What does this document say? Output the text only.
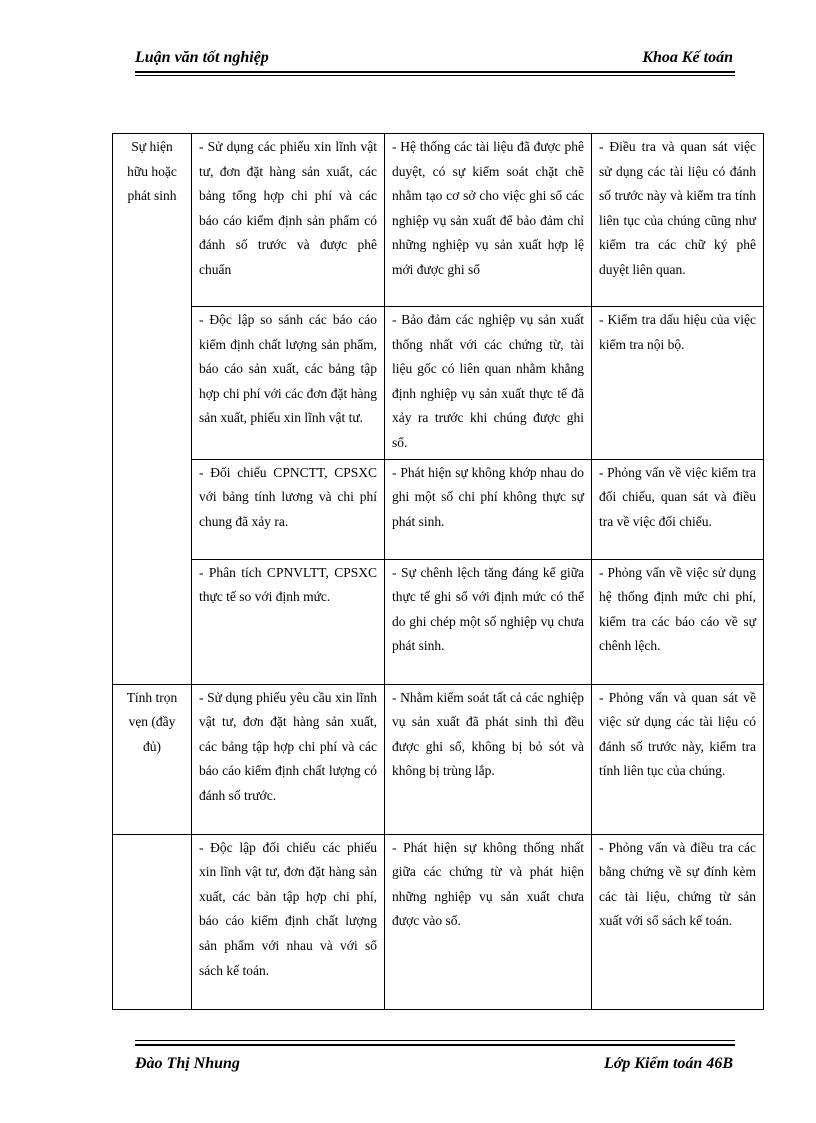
Luận văn tốt nghiệp	Khoa Kế toán
Sự hiện hữu hoặc phát sinh	- Sử dụng các phiếu xin lĩnh vật tư, đơn đặt hàng sản xuất, các bảng tổng hợp chi phí và các báo cáo kiểm định sản phẩm có đánh số trước và được phê chuẩn	- Hệ thống các tài liệu đã được phê duyệt, có sự kiểm soát chặt chẽ nhằm tạo cơ sở cho việc ghi sổ các nghiệp vụ sản xuất để bảo đảm chỉ những nghiệp vụ sản xuất hợp lệ mới được ghi sổ	- Điều tra và quan sát việc sử dụng các tài liệu có đánh số trước này và kiểm tra tính liên tục của chúng cũng như kiểm tra các chữ ký phê duyệt liên quan.
	- Độc lập so sánh các báo cáo kiểm định chất lượng sản phẩm, báo cáo sản xuất, các bảng tập hợp chi phí với các đơn đặt hàng sản xuất, phiếu xin lĩnh vật tư.	- Bảo đảm các nghiệp vụ sản xuất thống nhất với các chứng từ, tài liệu gốc có liên quan nhằm khẳng định nghiệp vụ sản xuất thực tế đã xảy ra trước khi chúng được ghi sổ.	- Kiểm tra dấu hiệu của việc kiểm tra nội bộ.
	- Đối chiếu CPNCTT, CPSXC với bảng tính lương và chi phí chung đã xảy ra.	- Phát hiện sự không khớp nhau do ghi một số chi phí không thực sự phát sinh.	- Phỏng vấn về việc kiểm tra đối chiếu, quan sát và điều tra về việc đối chiếu.
	- Phân tích CPNVLTT, CPSXC thực tế so với định mức.	- Sự chênh lệch tăng đáng kể giữa thực tế ghi sổ với định mức có thể do ghi chép một số nghiệp vụ chưa phát sinh.	- Phỏng vấn về việc sử dụng hệ thống định mức chi phí, kiểm tra các báo cáo về sự chênh lệch.
Tính trọn vẹn (đầy đủ)	- Sử dụng phiếu yêu cầu xin lĩnh vật tư, đơn đặt hàng sản xuất, các bảng tập hợp chi phí và các báo cáo kiểm định chất lượng có đánh số trước.	- Nhằm kiểm soát tất cả các nghiệp vụ sản xuất đã phát sinh thì đều được ghi sổ, không bị bỏ sót và không bị trùng lắp.	- Phỏng vấn và quan sát về việc sử dụng các tài liệu có đánh số trước này, kiểm tra tính liên tục của chúng.
	- Độc lập đối chiếu các phiếu xin lĩnh vật tư, đơn đặt hàng sản xuất, các bản tập hợp chi phí, báo cáo kiểm định chất lượng sản phẩm với nhau và với sổ sách kế toán.	- Phát hiện sự không thống nhất giữa các chứng từ và phát hiện những nghiệp vụ sản xuất chưa được vào sổ.	- Phỏng vấn và điều tra các bằng chứng về sự đính kèm các tài liệu, chứng từ sản xuất với sổ sách kế toán.
Đào Thị Nhung	Lớp Kiểm toán 46B
